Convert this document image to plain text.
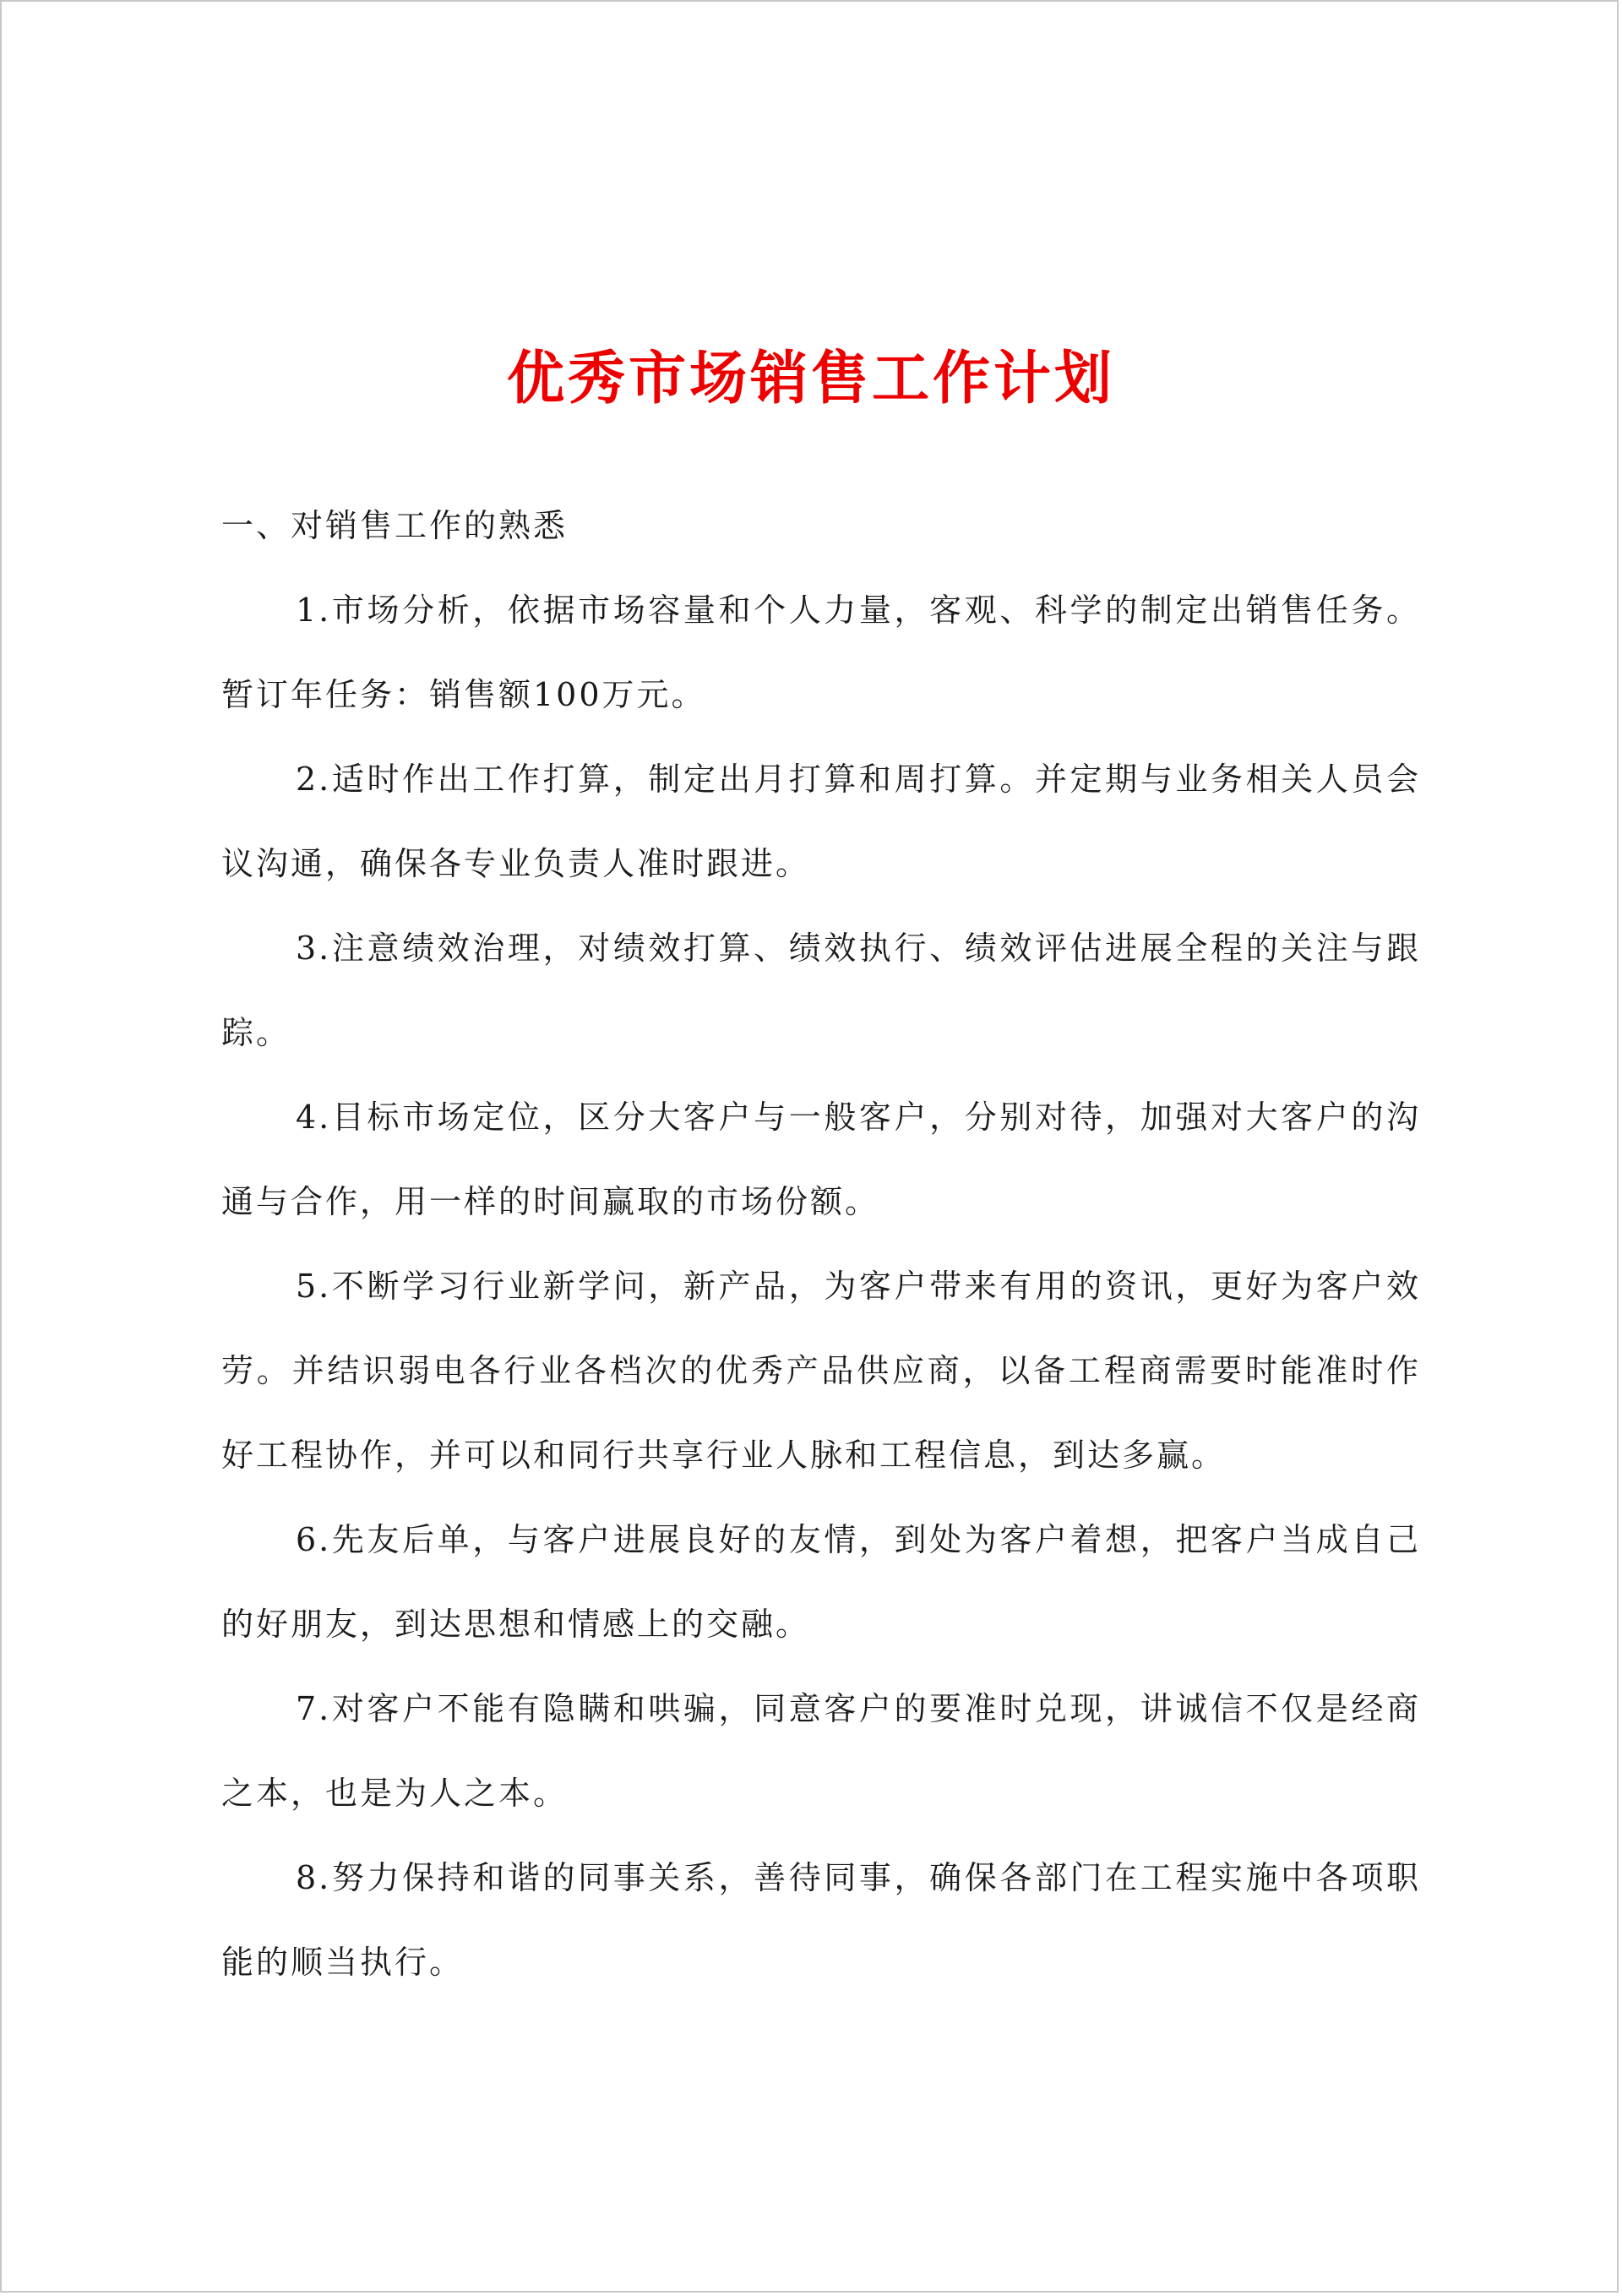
优秀市场销售工作计划

一、对销售工作的熟悉

1.市场分析，依据市场容量和个人力量，客观、科学的制定出销售任务。暂订年任务：销售额100万元。

2.适时作出工作打算，制定出月打算和周打算。并定期与业务相关人员会议沟通，确保各专业负责人准时跟进。

3.注意绩效治理，对绩效打算、绩效执行、绩效评估进展全程的关注与跟踪。

4.目标市场定位，区分大客户与一般客户，分别对待，加强对大客户的沟通与合作，用一样的时间赢取的市场份额。

5.不断学习行业新学问，新产品，为客户带来有用的资讯，更好为客户效劳。并结识弱电各行业各档次的优秀产品供应商，以备工程商需要时能准时作好工程协作，并可以和同行共享行业人脉和工程信息，到达多赢。

6.先友后单，与客户进展良好的友情，到处为客户着想，把客户当成自己的好朋友，到达思想和情感上的交融。

7.对客户不能有隐瞒和哄骗，同意客户的要准时兑现，讲诚信不仅是经商之本，也是为人之本。

8.努力保持和谐的同事关系，善待同事，确保各部门在工程实施中各项职能的顺当执行。
